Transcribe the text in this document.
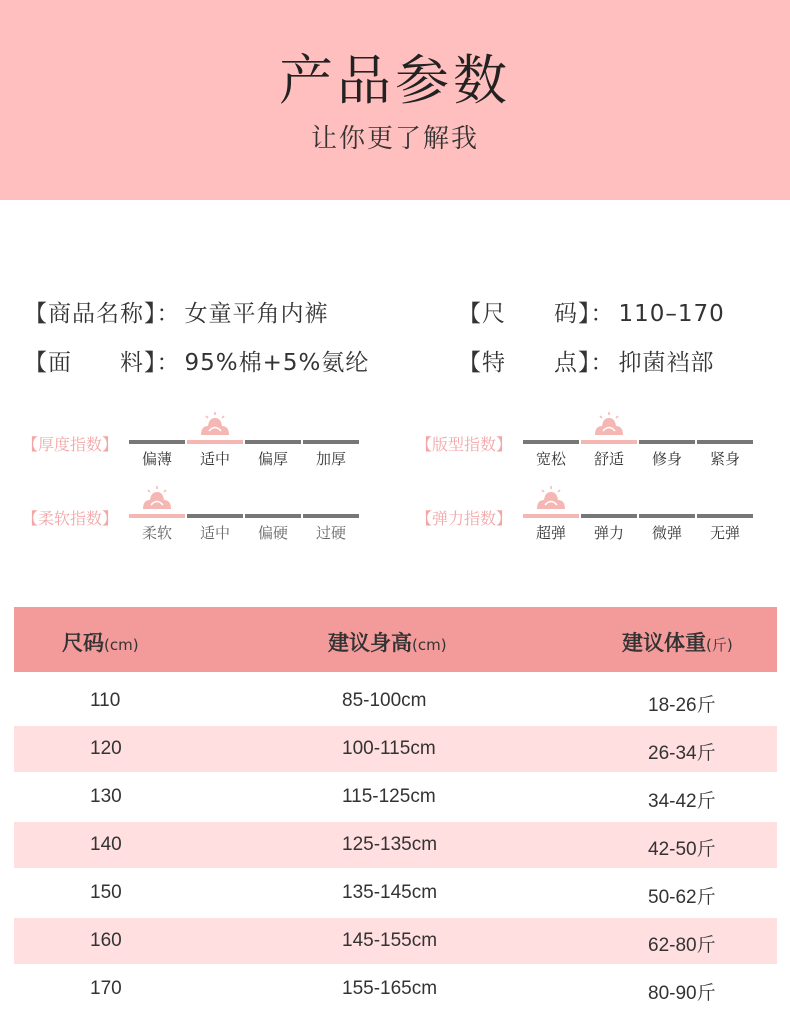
产品参数
让你更了解我
【商品名称】： 女童平角内裤	【尺　　码】： 110–170
【面　　料】： 95%棉+5%氨纶	【特　　点】： 抑菌裆部
【厚度指数】
偏薄	适中	偏厚	加厚
【版型指数】
宽松	舒适	修身	紧身
【柔软指数】
柔软	适中	偏硬	过硬
【弹力指数】
超弹	弹力	微弹	无弹
尺码(cm)	建议身高(cm)	建议体重(斤)
110	85-100cm	18-26斤
120	100-115cm	26-34斤
130	115-125cm	34-42斤
140	125-135cm	42-50斤
150	135-145cm	50-62斤
160	145-155cm	62-80斤
170	155-165cm	80-90斤
